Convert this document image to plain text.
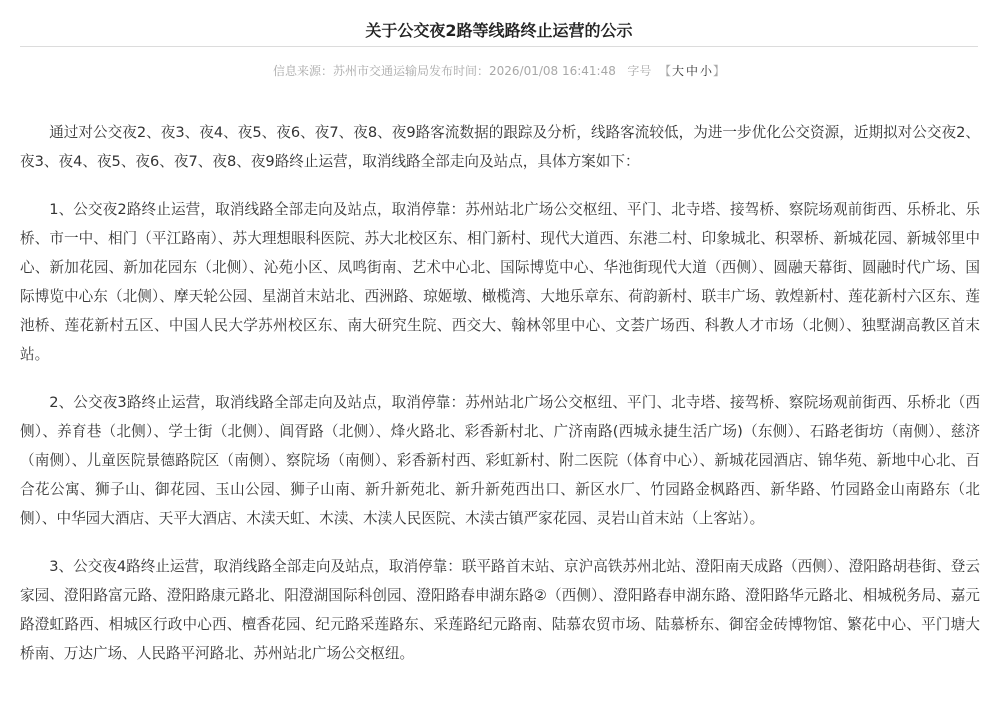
关于公交夜2路等线路终止运营的公示
信息来源：苏州市交通运输局发布时间：2026/01/08 16:41:48 字号 【大 中 小】

通过对公交夜2、夜3、夜4、夜5、夜6、夜7、夜8、夜9路客流数据的跟踪及分析，线路客流较低，为进一步优化公交资源，近期拟对公交夜2、夜3、夜4、夜5、夜6、夜7、夜8、夜9路终止运营，取消线路全部走向及站点，具体方案如下：

1、公交夜2路终止运营，取消线路全部走向及站点，取消停靠：苏州站北广场公交枢纽、平门、北寺塔、接驾桥、察院场观前街西、乐桥北、乐桥、市一中、相门（平江路南）、苏大理想眼科医院、苏大北校区东、相门新村、现代大道西、东港二村、印象城北、积翠桥、新城花园、新城邻里中心、新加花园、新加花园东（北侧）、沁苑小区、凤鸣街南、艺术中心北、国际博览中心、华池街现代大道（西侧）、圆融天幕街、圆融时代广场、国际博览中心东（北侧）、摩天轮公园、星湖首末站北、西洲路、琼姬墩、橄榄湾、大地乐章东、荷韵新村、联丰广场、敦煌新村、莲花新村六区东、莲池桥、莲花新村五区、中国人民大学苏州校区东、南大研究生院、西交大、翰林邻里中心、文荟广场西、科教人才市场（北侧）、独墅湖高教区首末站。

2、公交夜3路终止运营，取消线路全部走向及站点，取消停靠：苏州站北广场公交枢纽、平门、北寺塔、接驾桥、察院场观前街西、乐桥北（西侧）、养育巷（北侧）、学士街（北侧）、阊胥路（北侧）、烽火路北、彩香新村北、广济南路(西城永捷生活广场)（东侧）、石路老街坊（南侧）、慈济（南侧）、儿童医院景德路院区（南侧）、察院场（南侧）、彩香新村西、彩虹新村、附二医院（体育中心）、新城花园酒店、锦华苑、新地中心北、百合花公寓、狮子山、御花园、玉山公园、狮子山南、新升新苑北、新升新苑西出口、新区水厂、竹园路金枫路西、新华路、竹园路金山南路东（北侧）、中华园大酒店、天平大酒店、木渎天虹、木渎、木渎人民医院、木渎古镇严家花园、灵岩山首末站（上客站）。

3、公交夜4路终止运营，取消线路全部走向及站点，取消停靠：联平路首末站、京沪高铁苏州北站、澄阳南天成路（西侧）、澄阳路胡巷街、登云家园、澄阳路富元路、澄阳路康元路北、阳澄湖国际科创园、澄阳路春申湖东路②（西侧）、澄阳路春申湖东路、澄阳路华元路北、相城税务局、嘉元路澄虹路西、相城区行政中心西、檀香花园、纪元路采莲路东、采莲路纪元路南、陆慕农贸市场、陆慕桥东、御窑金砖博物馆、繁花中心、平门塘大桥南、万达广场、人民路平河路北、苏州站北广场公交枢纽。
